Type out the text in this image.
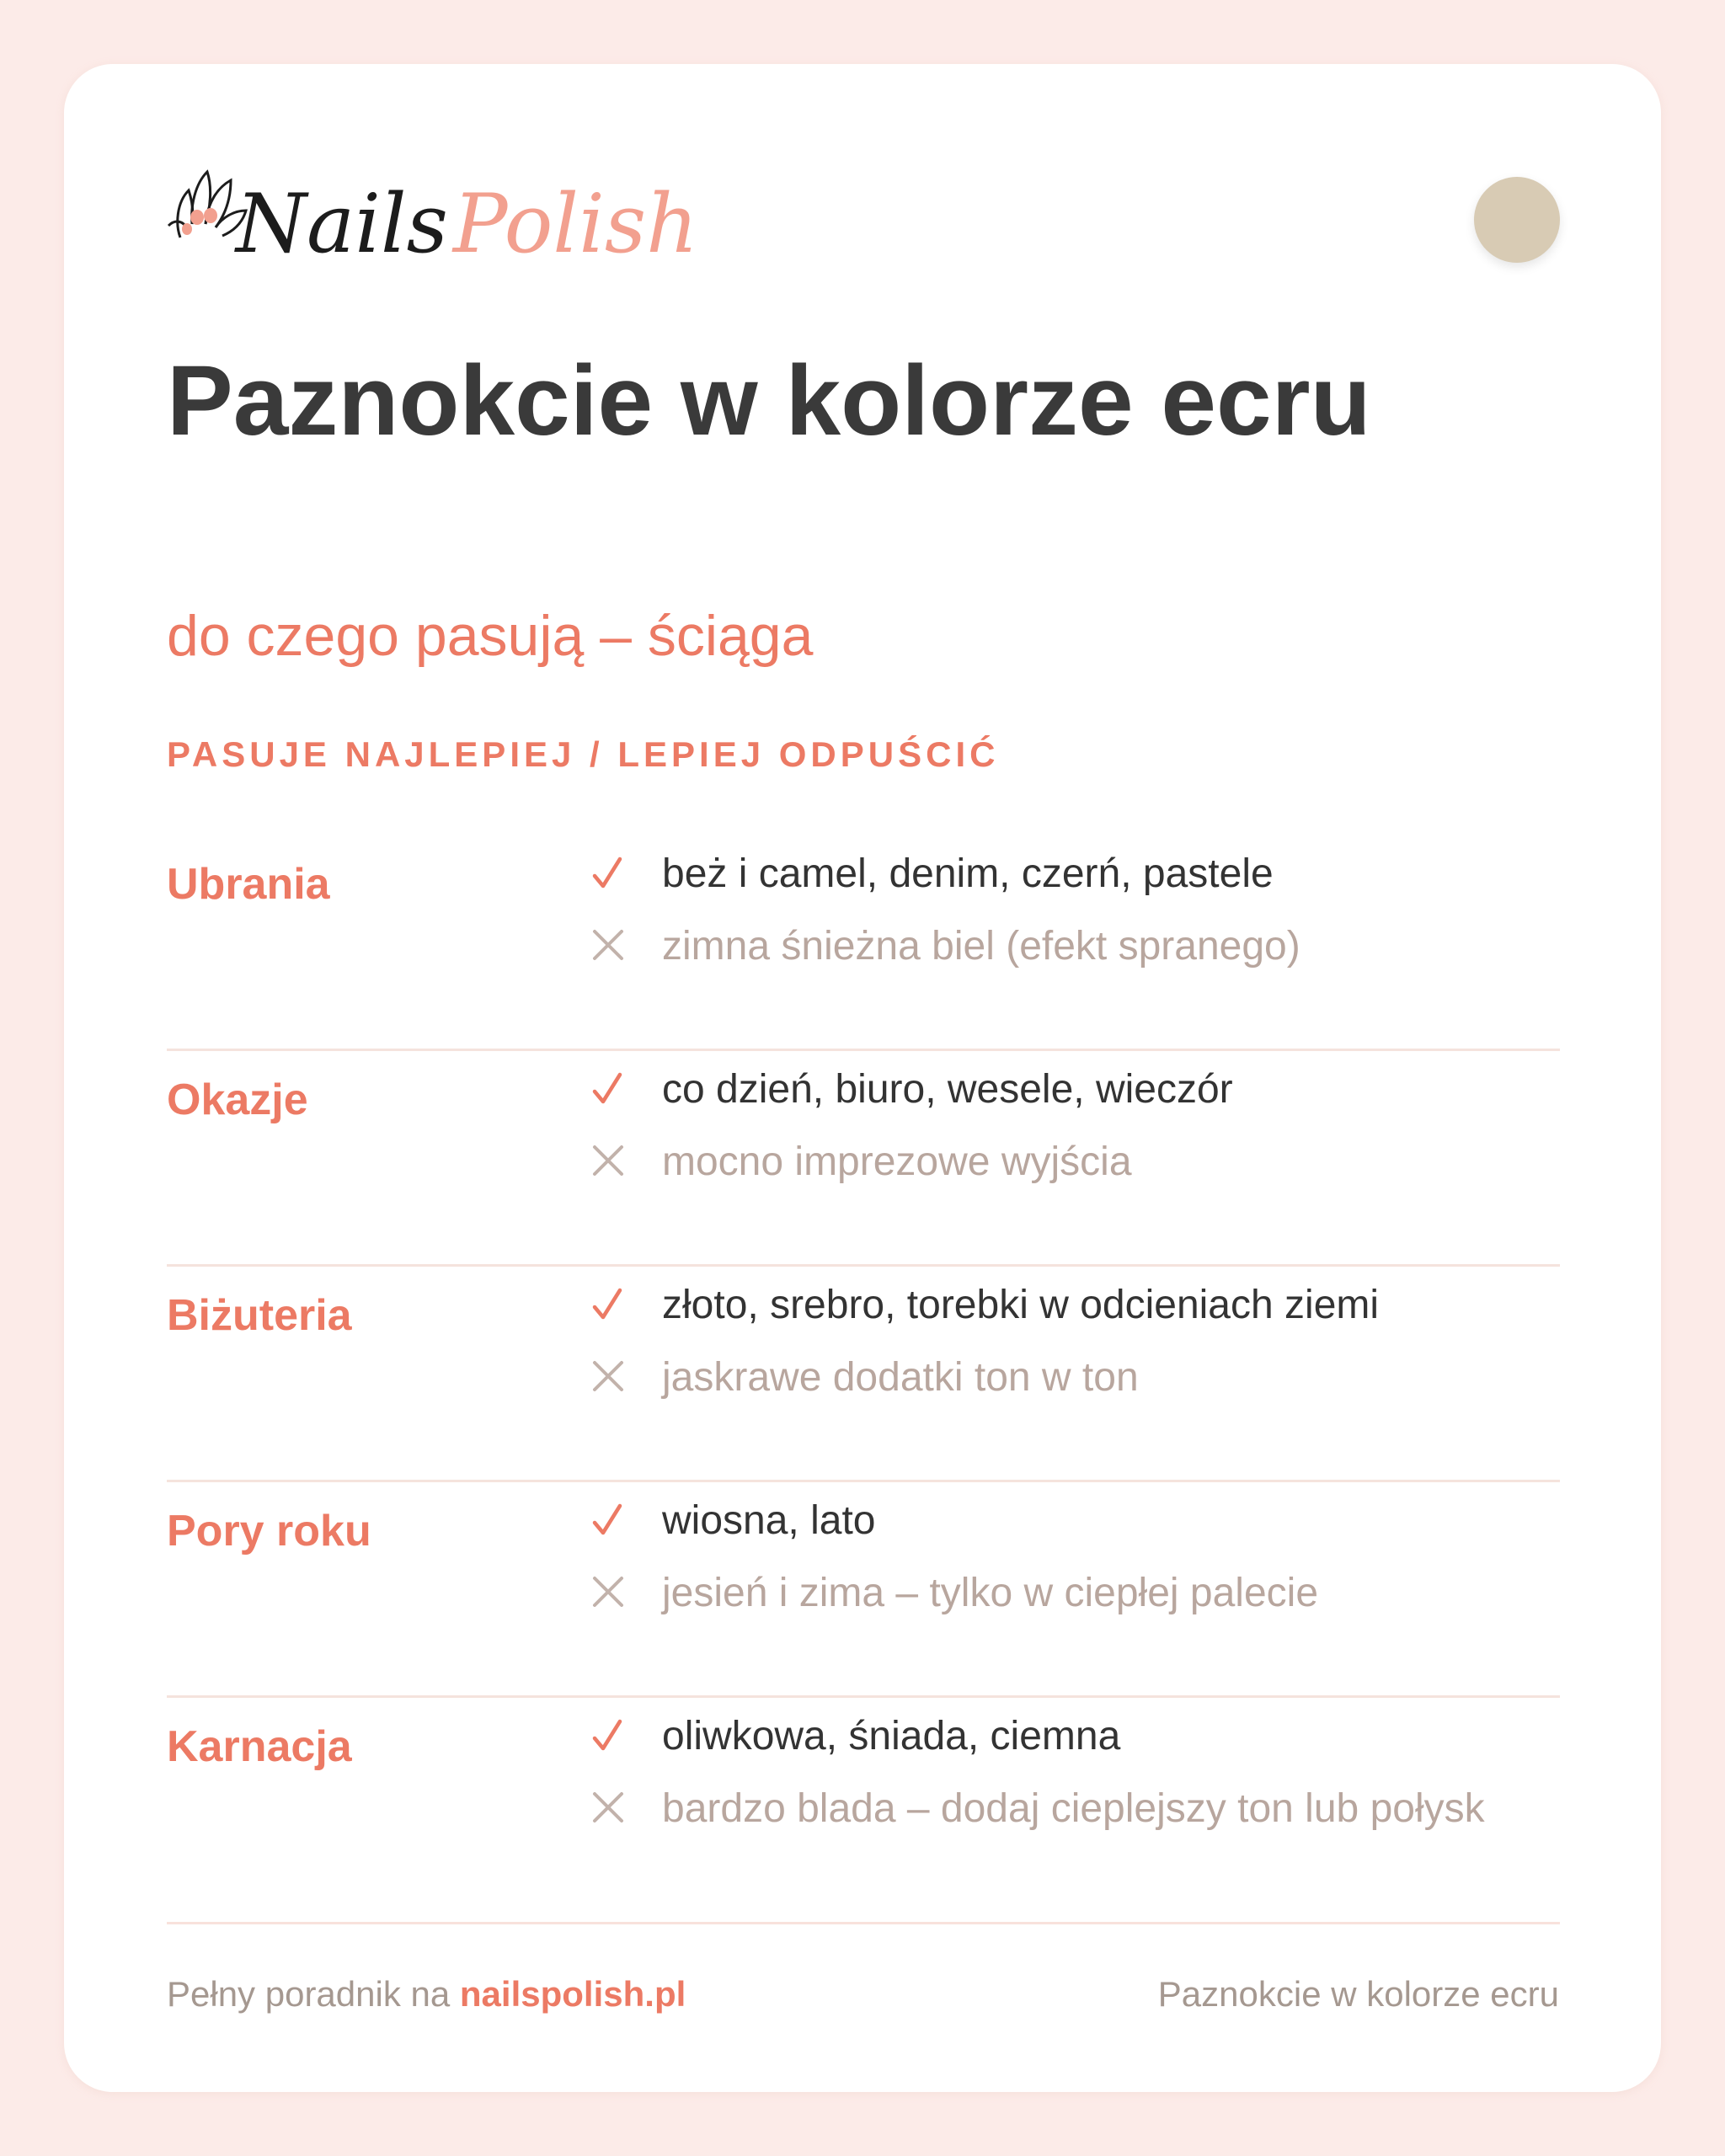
NailsPolish
Paznokcie w kolorze ecru

do czego pasują – ściąga

PASUJE NAJLEPIEJ / LEPIEJ ODPUŚCIĆ

Ubrania	beż i camel, denim, czerń, pastele
zimna śnieżna biel (efekt spranego)
Okazje	co dzień, biuro, wesele, wieczór
mocno imprezowe wyjścia
Biżuteria	złoto, srebro, torebki w odcieniach ziemi
jaskrawe dodatki ton w ton
Pory roku	wiosna, lato
jesień i zima – tylko w ciepłej palecie
Karnacja	oliwkowa, śniada, ciemna
bardzo blada – dodaj cieplejszy ton lub połysk
Pełny poradnik na nailspolish.pl	Paznokcie w kolorze ecru
